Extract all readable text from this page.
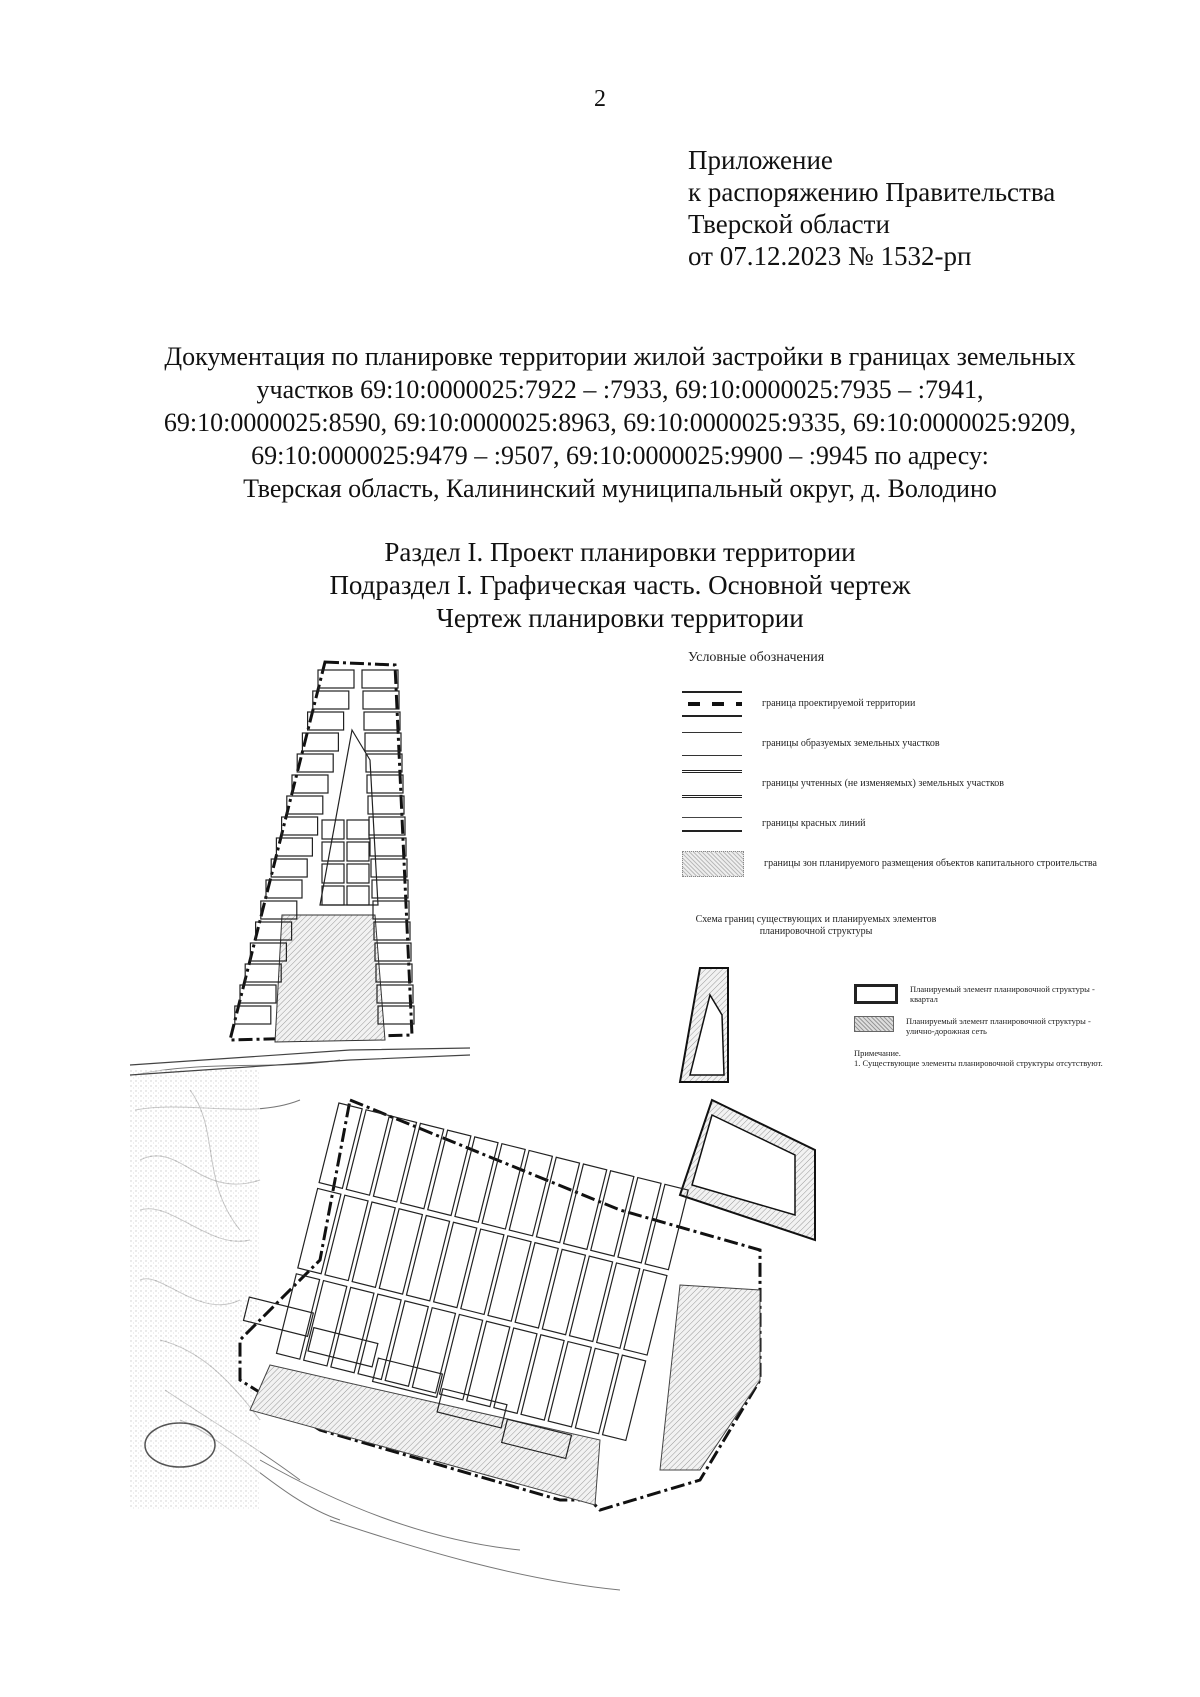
2
Приложение
к распоряжению Правительства
Тверской области
от 07.12.2023 № 1532-рп
Документация по планировке территории жилой застройки в границах земельных
участков 69:10:0000025:7922 – :7933, 69:10:0000025:7935 – :7941,
69:10:0000025:8590, 69:10:0000025:8963, 69:10:0000025:9335, 69:10:0000025:9209,
69:10:0000025:9479 – :9507, 69:10:0000025:9900 – :9945 по адресу:
Тверская область, Калининский муниципальный округ, д. Володино
Раздел I. Проект планировки территории
Подраздел I. Графическая часть. Основной чертеж
Чертеж планировки территории
Условные обозначения
граница проектируемой территории
границы образуемых земельных участков
границы учтенных (не изменяемых) земельных участков
границы красных линий
границы зон планируемого размещения объектов капитального строительства
Схема границ существующих и планируемых элементов планировочной структуры
Планируемый элемент планировочной структуры - квартал
Планируемый элемент планировочной структуры - улично-дорожная сеть
Примечание.
1. Существующие элементы планировочной структуры отсутствуют.
